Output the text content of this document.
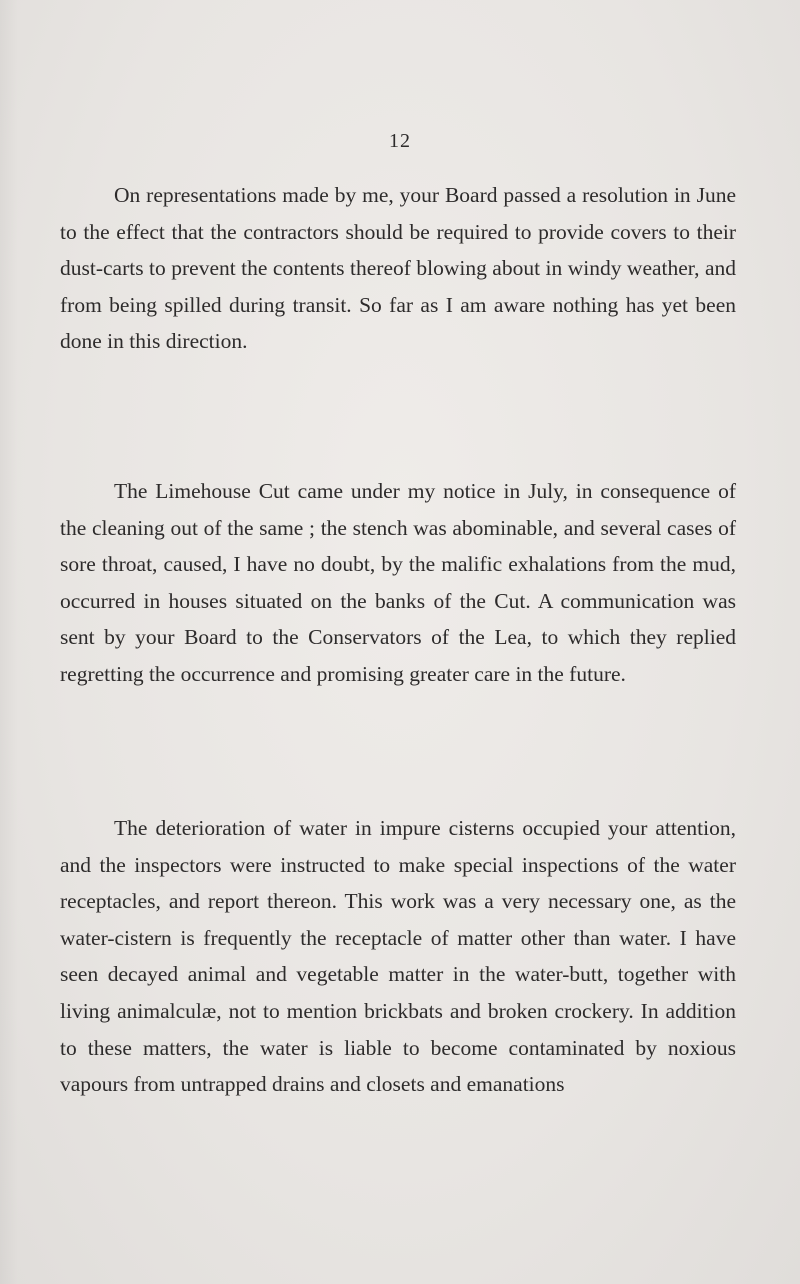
12

On representations made by me, your Board passed a resolution in June to the effect that the contractors should be required to provide covers to their dust-carts to prevent the contents thereof blowing about in windy weather, and from being spilled during transit. So far as I am aware nothing has yet been done in this direction.

The Limehouse Cut came under my notice in July, in consequence of the cleaning out of the same ; the stench was abominable, and several cases of sore throat, caused, I have no doubt, by the malific exhalations from the mud, occurred in houses situated on the banks of the Cut. A communication was sent by your Board to the Conservators of the Lea, to which they replied regretting the occurrence and promising greater care in the future.

The deterioration of water in impure cisterns occupied your attention, and the inspectors were instructed to make special inspections of the water receptacles, and report thereon. This work was a very necessary one, as the water-cistern is frequently the receptacle of matter other than water. I have seen decayed animal and vegetable matter in the water-butt, together with living animalculæ, not to mention brickbats and broken crockery. In addition to these matters, the water is liable to become contaminated by noxious vapours from untrapped drains and closets and emanations
